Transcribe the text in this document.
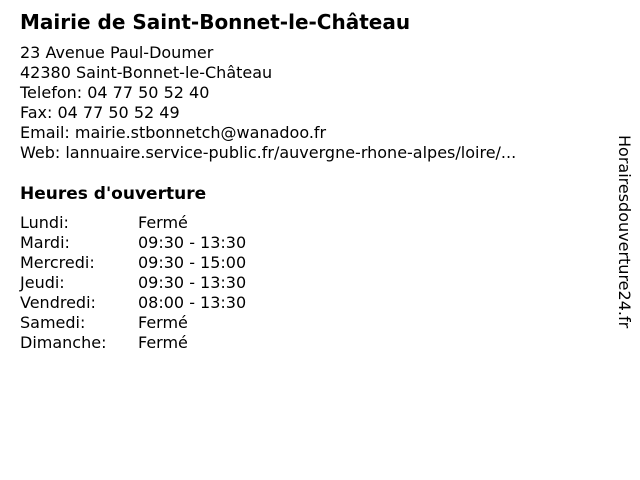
Mairie de Saint-Bonnet-le-Château
23 Avenue Paul-Doumer
42380 Saint-Bonnet-le-Château
Telefon: 04 77 50 52 40
Fax: 04 77 50 52 49
Email: mairie.stbonnetch@wanadoo.fr
Web: lannuaire.service-public.fr/auvergne-rhone-alpes/loire/...
Heures d'ouverture
Lundi:	Fermé
Mardi:	09:30 - 13:30
Mercredi:	09:30 - 15:00
Jeudi:	09:30 - 13:30
Vendredi:	08:00 - 13:30
Samedi:	Fermé
Dimanche: Fermé
Horairesdouverture24.fr
